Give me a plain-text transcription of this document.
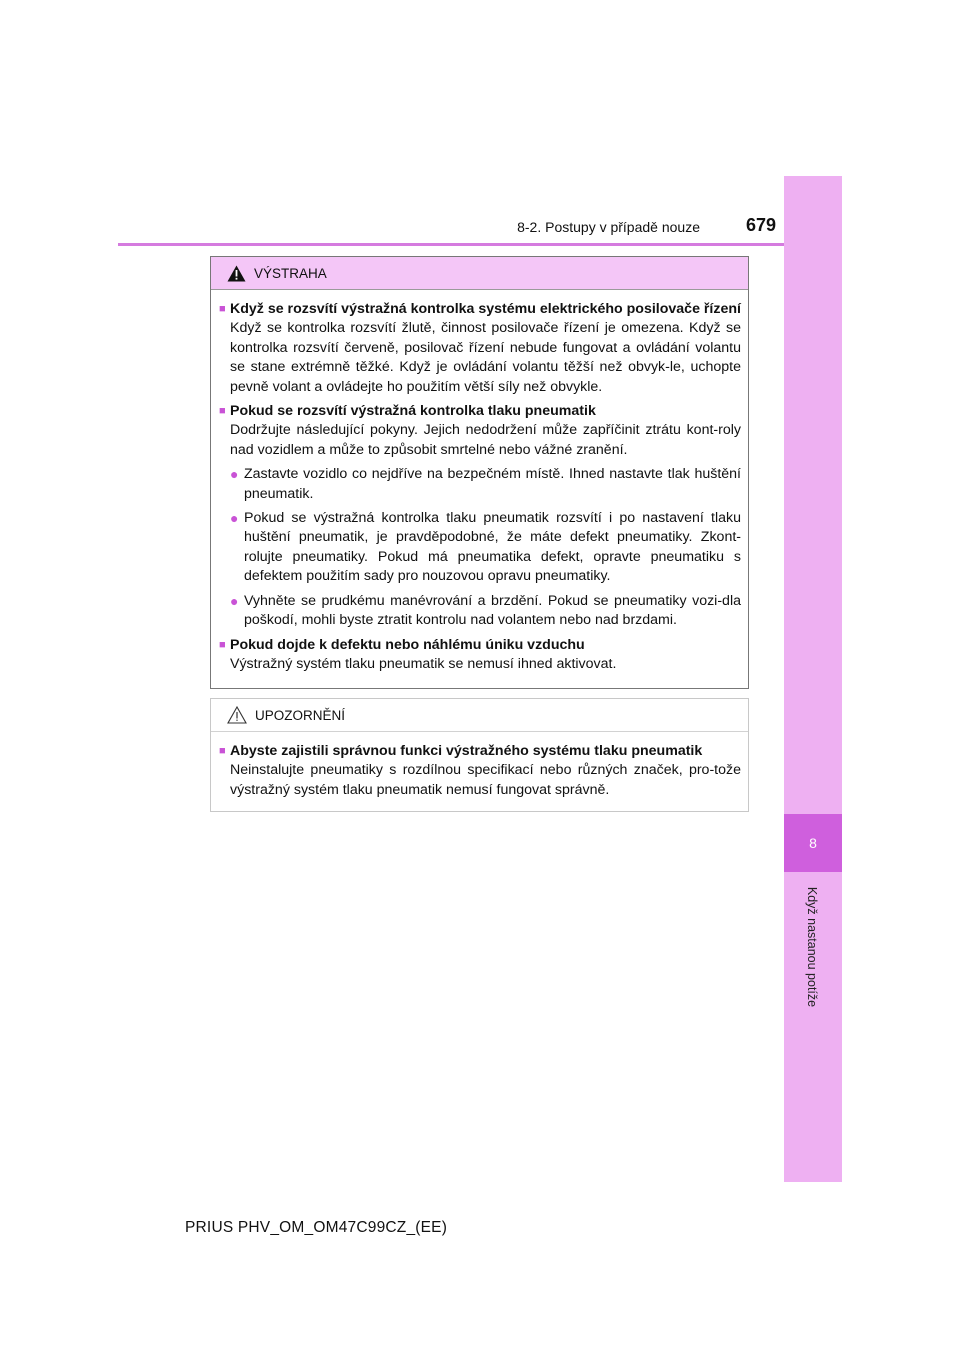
8
Když nastanou potíže
8-2. Postupy v případě nouze	679
VÝSTRAHA
■ Když se rozsvítí výstražná kontrolka systému elektrického posilovače řízení
Když se kontrolka rozsvítí žlutě, činnost posilovače řízení je omezena. Když se kontrolka rozsvítí červeně, posilovač řízení nebude fungovat a ovládání volantu se stane extrémně těžké. Když je ovládání volantu těžší než obvyk-le, uchopte pevně volant a ovládejte ho použitím větší síly než obvykle.
■ Pokud se rozsvítí výstražná kontrolka tlaku pneumatik
Dodržujte následující pokyny. Jejich nedodržení může zapříčinit ztrátu kont-roly nad vozidlem a může to způsobit smrtelné nebo vážné zranění.
● Zastavte vozidlo co nejdříve na bezpečném místě. Ihned nastavte tlak huštění pneumatik.
● Pokud se výstražná kontrolka tlaku pneumatik rozsvítí i po nastavení tlaku huštění pneumatik, je pravděpodobné, že máte defekt pneumatiky. Zkont-rolujte pneumatiky. Pokud má pneumatika defekt, opravte pneumatiku s defektem použitím sady pro nouzovou opravu pneumatiky.
● Vyhněte se prudkému manévrování a brzdění. Pokud se pneumatiky vozi-dla poškodí, mohli byste ztratit kontrolu nad volantem nebo nad brzdami.
■ Pokud dojde k defektu nebo náhlému úniku vzduchu
Výstražný systém tlaku pneumatik se nemusí ihned aktivovat.
UPOZORNĚNÍ
■ Abyste zajistili správnou funkci výstražného systému tlaku pneumatik
Neinstalujte pneumatiky s rozdílnou specifikací nebo různých značek, pro-tože výstražný systém tlaku pneumatik nemusí fungovat správně.
PRIUS PHV_OM_OM47C99CZ_(EE)
